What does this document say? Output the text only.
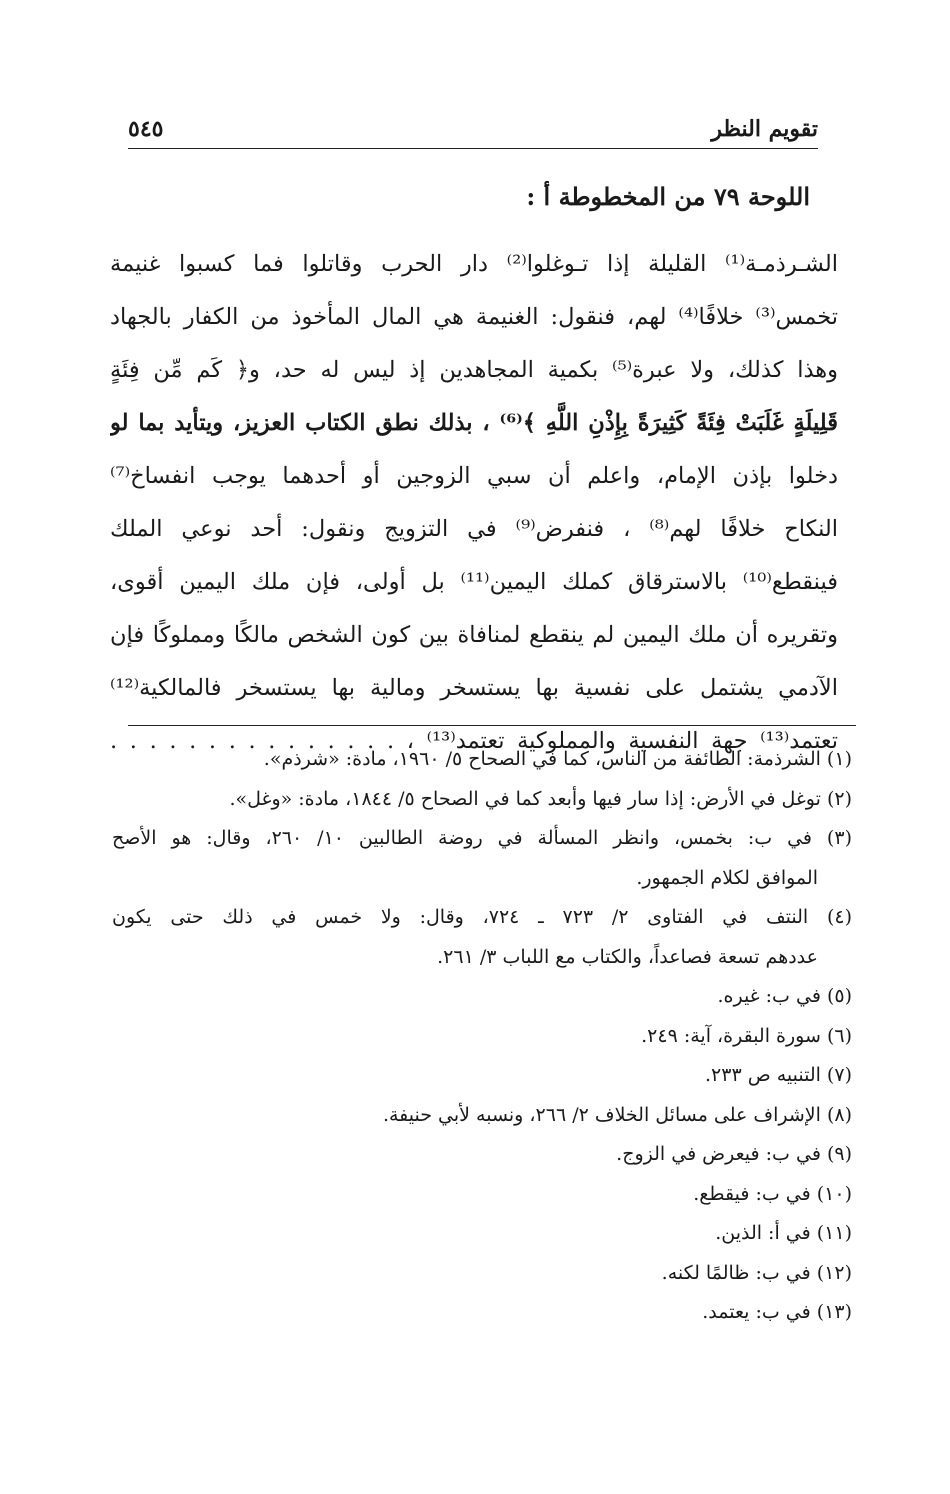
تقويم النظر
٥٤٥
اللوحة ٧٩ من المخطوطة أ :
الشـرذمـة⁽¹⁾ القليلة إذا تـوغلوا⁽²⁾ دار الحرب وقاتلوا فما كسبوا غنيمة
تخمس⁽³⁾ خلافًا⁽⁴⁾ لهم، فنقول: الغنيمة هي المال المأخوذ من الكفار بالجهاد
وهذا كذلك، ولا عبرة⁽⁵⁾ بكمية المجاهدين إذ ليس له حد، و﴿ كَم مِّن فِئَةٍ
قَلِيلَةٍ غَلَبَتْ فِئَةً كَثِيرَةً بِإِذْنِ اللَّهِ ﴾⁽⁶⁾ ، بذلك نطق الكتاب العزيز، ويتأيد بما لو
دخلوا بإذن الإمام، واعلم أن سبي الزوجين أو أحدهما يوجب انفساخ⁽⁷⁾
النكاح خلافًا لهم⁽⁸⁾ ، فنفرض⁽⁹⁾ في التزويج ونقول: أحد نوعي الملك
فينقطع⁽¹⁰⁾ بالاسترقاق كملك اليمين⁽¹¹⁾ بل أولى، فإن ملك اليمين أقوى،
وتقريره أن ملك اليمين لم ينقطع لمنافاة بين كون الشخص مالكًا ومملوكًا فإن
الآدمي يشتمل على نفسية بها يستسخر ومالية بها يستسخر فالمالكية⁽¹²⁾
تعتمد⁽¹³⁾ جهة النفسية والمملوكية تعتمد⁽¹³⁾ ، . . . . . . . . . . . . . . .
(١) الشرذمة: الطائفة من الناس، كما في الصحاح ٥/ ١٩٦٠، مادة: «شرذم».
(٢) توغل في الأرض: إذا سار فيها وأبعد كما في الصحاح ٥/ ١٨٤٤، مادة: «وغل».
(٣) في ب: بخمس، وانظر المسألة في روضة الطالبين ١٠/ ٢٦٠، وقال: هو الأصح
الموافق لكلام الجمهور.
(٤) النتف في الفتاوى ٢/ ٧٢٣ ـ ٧٢٤، وقال: ولا خمس في ذلك حتى يكون
عددهم تسعة فصاعداً، والكتاب مع اللباب ٣/ ٢٦١.
(٥) في ب: غيره.
(٦) سورة البقرة، آية: ٢٤٩.
(٧) التنبيه ص ٢٣٣.
(٨) الإشراف على مسائل الخلاف ٢/ ٢٦٦، ونسبه لأبي حنيفة.
(٩) في ب: فيعرض في الزوج.
(١٠) في ب: فيقطع.
(١١) في أ: الذين.
(١٢) في ب: ظالمًا لكنه.
(١٣) في ب: يعتمد.
